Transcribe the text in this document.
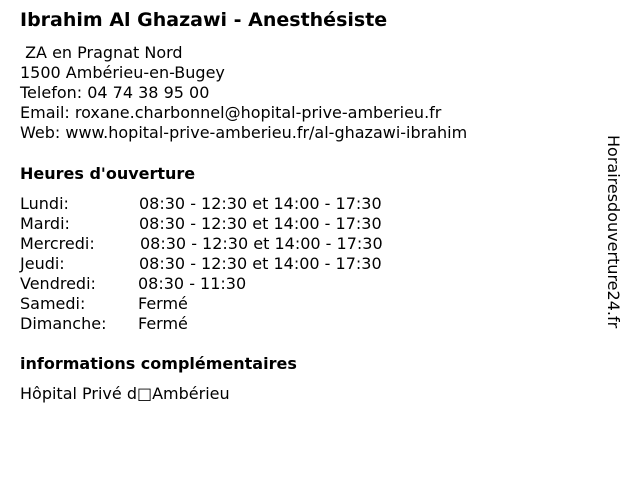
Ibrahim Al Ghazawi - Anesthésiste
ZA en Pragnat Nord
1500 Ambérieu-en-Bugey
Telefon: 04 74 38 95 00
Email: roxane.charbonnel@hopital-prive-amberieu.fr
Web: www.hopital-prive-amberieu.fr/al-ghazawi-ibrahim
Heures d'ouverture
Lundi:	08:30 - 12:30 et 14:00 - 17:30
Mardi:	08:30 - 12:30 et 14:00 - 17:30
Mercredi:	08:30 - 12:30 et 14:00 - 17:30
Jeudi:	08:30 - 12:30 et 14:00 - 17:30
Vendredi:	08:30 - 11:30
Samedi:	Fermé
Dimanche: Fermé
informations complémentaires
Hôpital Privé d□Ambérieu
Horairesdouverture24.fr
